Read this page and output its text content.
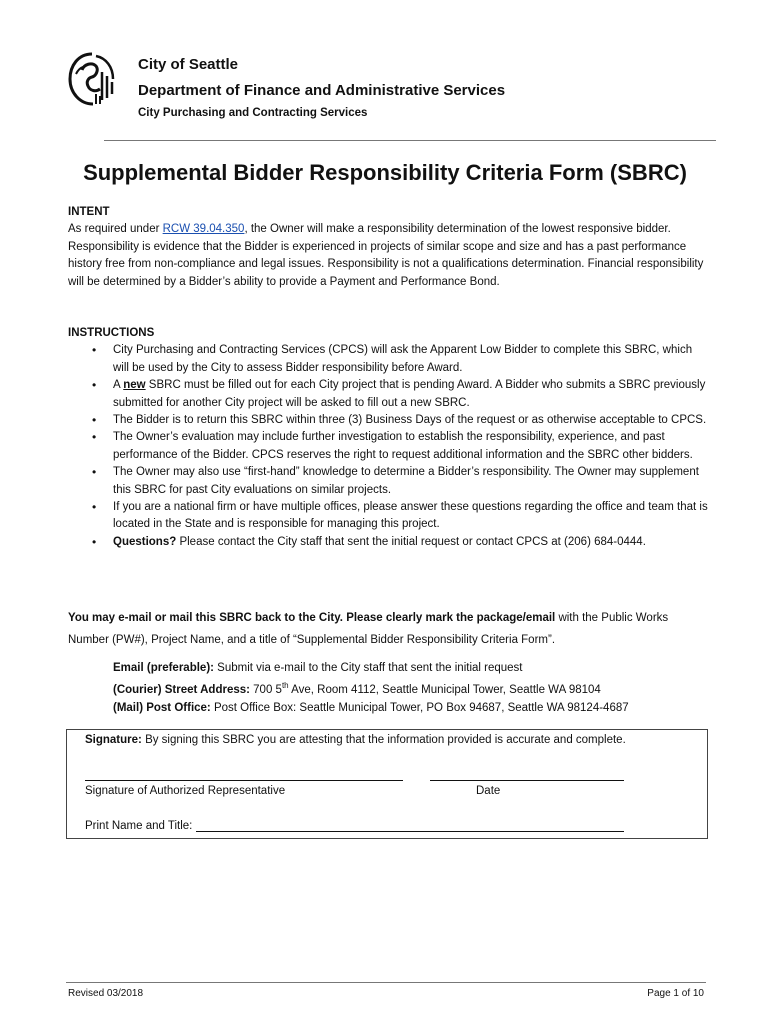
City of Seattle
Department of Finance and Administrative Services
City Purchasing and Contracting Services
Supplemental Bidder Responsibility Criteria Form (SBRC)
INTENT
As required under RCW 39.04.350, the Owner will make a responsibility determination of the lowest responsive bidder. Responsibility is evidence that the Bidder is experienced in projects of similar scope and size and has a past performance history free from non-compliance and legal issues. Responsibility is not a qualifications determination. Financial responsibility will be determined by a Bidder’s ability to provide a Payment and Performance Bond.
INSTRUCTIONS
• City Purchasing and Contracting Services (CPCS) will ask the Apparent Low Bidder to complete this SBRC, which will be used by the City to assess Bidder responsibility before Award.
• A new SBRC must be filled out for each City project that is pending Award. A Bidder who submits a SBRC previously submitted for another City project will be asked to fill out a new SBRC.
• The Bidder is to return this SBRC within three (3) Business Days of the request or as otherwise acceptable to CPCS.
• The Owner’s evaluation may include further investigation to establish the responsibility, experience, and past performance of the Bidder. CPCS reserves the right to request additional information and the SBRC other bidders.
• The Owner may also use “first-hand” knowledge to determine a Bidder’s responsibility. The Owner may supplement this SBRC for past City evaluations on similar projects.
• If you are a national firm or have multiple offices, please answer these questions regarding the office and team that is located in the State and is responsible for managing this project.
• Questions? Please contact the City staff that sent the initial request or contact CPCS at (206) 684-0444.
You may e-mail or mail this SBRC back to the City. Please clearly mark the package/email with the Public Works Number (PW#), Project Name, and a title of “Supplemental Bidder Responsibility Criteria Form”.
Email (preferable): Submit via e-mail to the City staff that sent the initial request
(Courier) Street Address: 700 5th Ave, Room 4112, Seattle Municipal Tower, Seattle WA 98104
(Mail) Post Office: Post Office Box: Seattle Municipal Tower, PO Box 94687, Seattle WA 98124-4687
Signature: By signing this SBRC you are attesting that the information provided is accurate and complete.
Signature of Authorized Representative	Date
Print Name and Title:
Revised 03/2018	Page 1 of 10
